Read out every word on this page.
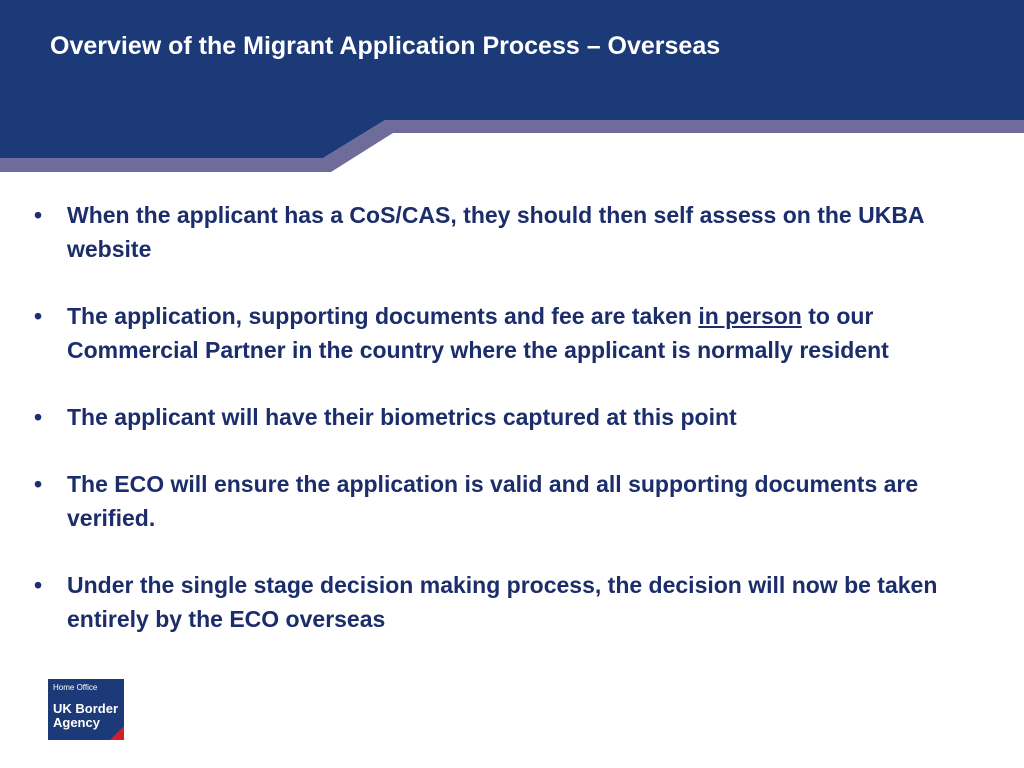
Overview of the Migrant Application Process – Overseas
• When the applicant has a CoS/CAS, they should then self assess on the UKBA website
• The application, supporting documents and fee are taken in person to our Commercial Partner in the country where the applicant is normally resident
• The applicant will have their biometrics captured at this point
• The ECO will ensure the application is valid and all supporting documents are verified.
• Under the single stage decision making process, the decision will now be taken entirely by the ECO overseas
Home Office
UK Border
Agency
